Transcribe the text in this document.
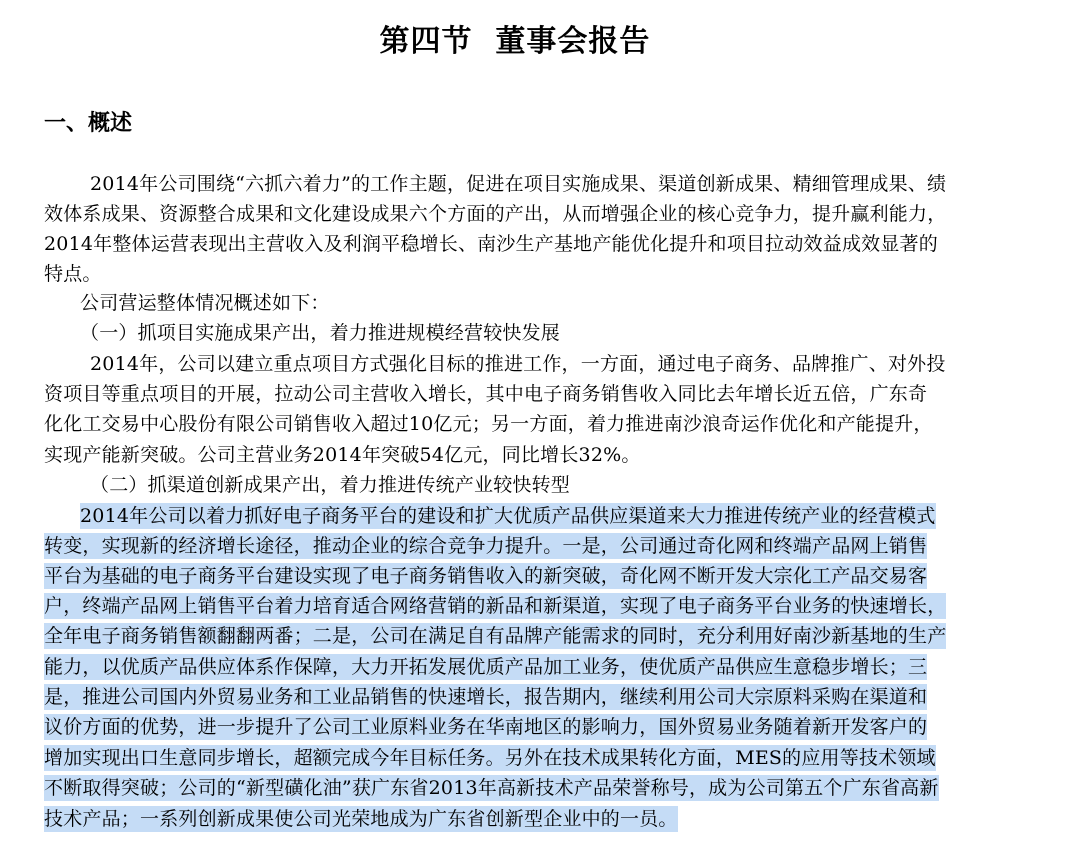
第四节  董事会报告
一、概述
2014年公司围绕“六抓六着力”的工作主题，促进在项目实施成果、渠道创新成果、精细管理成果、绩
效体系成果、资源整合成果和文化建设成果六个方面的产出，从而增强企业的核心竞争力，提升赢利能力，
2014年整体运营表现出主营收入及利润平稳增长、南沙生产基地产能优化提升和项目拉动效益成效显著的
特点。
公司营运整体情况概述如下：
（一）抓项目实施成果产出，着力推进规模经营较快发展
2014年，公司以建立重点项目方式强化目标的推进工作，一方面，通过电子商务、品牌推广、对外投
资项目等重点项目的开展，拉动公司主营收入增长，其中电子商务销售收入同比去年增长近五倍，广东奇
化化工交易中心股份有限公司销售收入超过10亿元；另一方面，着力推进南沙浪奇运作优化和产能提升，
实现产能新突破。公司主营业务2014年突破54亿元，同比增长32%。
（二）抓渠道创新成果产出，着力推进传统产业较快转型
2014年公司以着力抓好电子商务平台的建设和扩大优质产品供应渠道来大力推进传统产业的经营模式
转变，实现新的经济增长途径，推动企业的综合竞争力提升。一是，公司通过奇化网和终端产品网上销售
平台为基础的电子商务平台建设实现了电子商务销售收入的新突破，奇化网不断开发大宗化工产品交易客
户，终端产品网上销售平台着力培育适合网络营销的新品和新渠道，实现了电子商务平台业务的快速增长，
全年电子商务销售额翻翻两番；二是，公司在满足自有品牌产能需求的同时，充分利用好南沙新基地的生产
能力，以优质产品供应体系作保障，大力开拓发展优质产品加工业务，使优质产品供应生意稳步增长；三
是，推进公司国内外贸易业务和工业品销售的快速增长，报告期内，继续利用公司大宗原料采购在渠道和
议价方面的优势，进一步提升了公司工业原料业务在华南地区的影响力，国外贸易业务随着新开发客户的
增加实现出口生意同步增长，超额完成今年目标任务。另外在技术成果转化方面，MES的应用等技术领域
不断取得突破；公司的“新型磺化油”获广东省2013年高新技术产品荣誉称号，成为公司第五个广东省高新
技术产品；一系列创新成果使公司光荣地成为广东省创新型企业中的一员。
